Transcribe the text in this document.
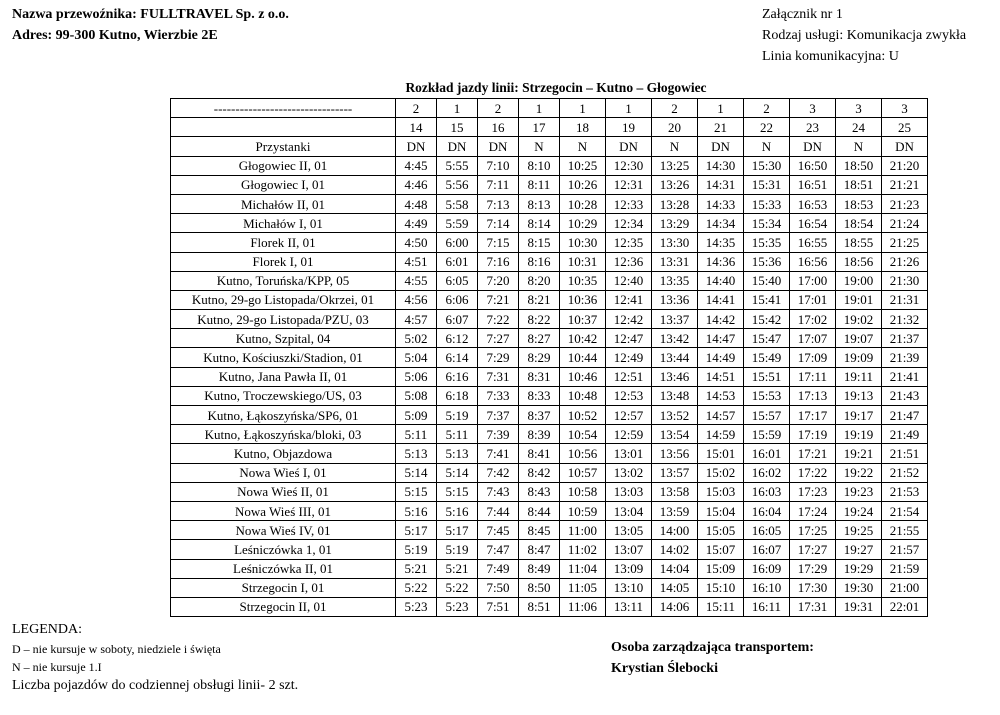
Nazwa przewoźnika: FULLTRAVEL Sp. z o.o.
Adres: 99-300 Kutno, Wierzbie 2E
Załącznik nr 1
Rodzaj usługi: Komunikacja zwykła
Linia komunikacyjna: U
Rozkład jazdy linii: Strzegocin – Kutno – Głogowiec
--------------------------------	2	1	2	1	1	1	2	1	2	3	3	3
	14	15	16	17	18	19	20	21	22	23	24	25
Przystanki	DN	DN	DN	N	N	DN	N	DN	N	DN	N	DN
Głogowiec II, 01	4:45	5:55	7:10	8:10	10:25	12:30	13:25	14:30	15:30	16:50	18:50	21:20
Głogowiec I, 01	4:46	5:56	7:11	8:11	10:26	12:31	13:26	14:31	15:31	16:51	18:51	21:21
Michałów II, 01	4:48	5:58	7:13	8:13	10:28	12:33	13:28	14:33	15:33	16:53	18:53	21:23
Michałów I, 01	4:49	5:59	7:14	8:14	10:29	12:34	13:29	14:34	15:34	16:54	18:54	21:24
Florek II, 01	4:50	6:00	7:15	8:15	10:30	12:35	13:30	14:35	15:35	16:55	18:55	21:25
Florek I, 01	4:51	6:01	7:16	8:16	10:31	12:36	13:31	14:36	15:36	16:56	18:56	21:26
Kutno, Toruńska/KPP, 05	4:55	6:05	7:20	8:20	10:35	12:40	13:35	14:40	15:40	17:00	19:00	21:30
Kutno, 29-go Listopada/Okrzei, 01	4:56	6:06	7:21	8:21	10:36	12:41	13:36	14:41	15:41	17:01	19:01	21:31
Kutno, 29-go Listopada/PZU, 03	4:57	6:07	7:22	8:22	10:37	12:42	13:37	14:42	15:42	17:02	19:02	21:32
Kutno, Szpital, 04	5:02	6:12	7:27	8:27	10:42	12:47	13:42	14:47	15:47	17:07	19:07	21:37
Kutno, Kościuszki/Stadion, 01	5:04	6:14	7:29	8:29	10:44	12:49	13:44	14:49	15:49	17:09	19:09	21:39
Kutno, Jana Pawła II, 01	5:06	6:16	7:31	8:31	10:46	12:51	13:46	14:51	15:51	17:11	19:11	21:41
Kutno, Troczewskiego/US, 03	5:08	6:18	7:33	8:33	10:48	12:53	13:48	14:53	15:53	17:13	19:13	21:43
Kutno, Łąkoszyńska/SP6, 01	5:09	5:19	7:37	8:37	10:52	12:57	13:52	14:57	15:57	17:17	19:17	21:47
Kutno, Łąkoszyńska/bloki, 03	5:11	5:11	7:39	8:39	10:54	12:59	13:54	14:59	15:59	17:19	19:19	21:49
Kutno, Objazdowa	5:13	5:13	7:41	8:41	10:56	13:01	13:56	15:01	16:01	17:21	19:21	21:51
Nowa Wieś I, 01	5:14	5:14	7:42	8:42	10:57	13:02	13:57	15:02	16:02	17:22	19:22	21:52
Nowa Wieś II, 01	5:15	5:15	7:43	8:43	10:58	13:03	13:58	15:03	16:03	17:23	19:23	21:53
Nowa Wieś III, 01	5:16	5:16	7:44	8:44	10:59	13:04	13:59	15:04	16:04	17:24	19:24	21:54
Nowa Wieś IV, 01	5:17	5:17	7:45	8:45	11:00	13:05	14:00	15:05	16:05	17:25	19:25	21:55
Leśniczówka 1, 01	5:19	5:19	7:47	8:47	11:02	13:07	14:02	15:07	16:07	17:27	19:27	21:57
Leśniczówka II, 01	5:21	5:21	7:49	8:49	11:04	13:09	14:04	15:09	16:09	17:29	19:29	21:59
Strzegocin I, 01	5:22	5:22	7:50	8:50	11:05	13:10	14:05	15:10	16:10	17:30	19:30	21:00
Strzegocin II, 01	5:23	5:23	7:51	8:51	11:06	13:11	14:06	15:11	16:11	17:31	19:31	22:01
LEGENDA:
D – nie kursuje w soboty, niedziele i święta
N – nie kursuje 1.I
Liczba pojazdów do codziennej obsługi linii- 2 szt.
Osoba zarządzająca transportem:
Krystian Ślebocki
